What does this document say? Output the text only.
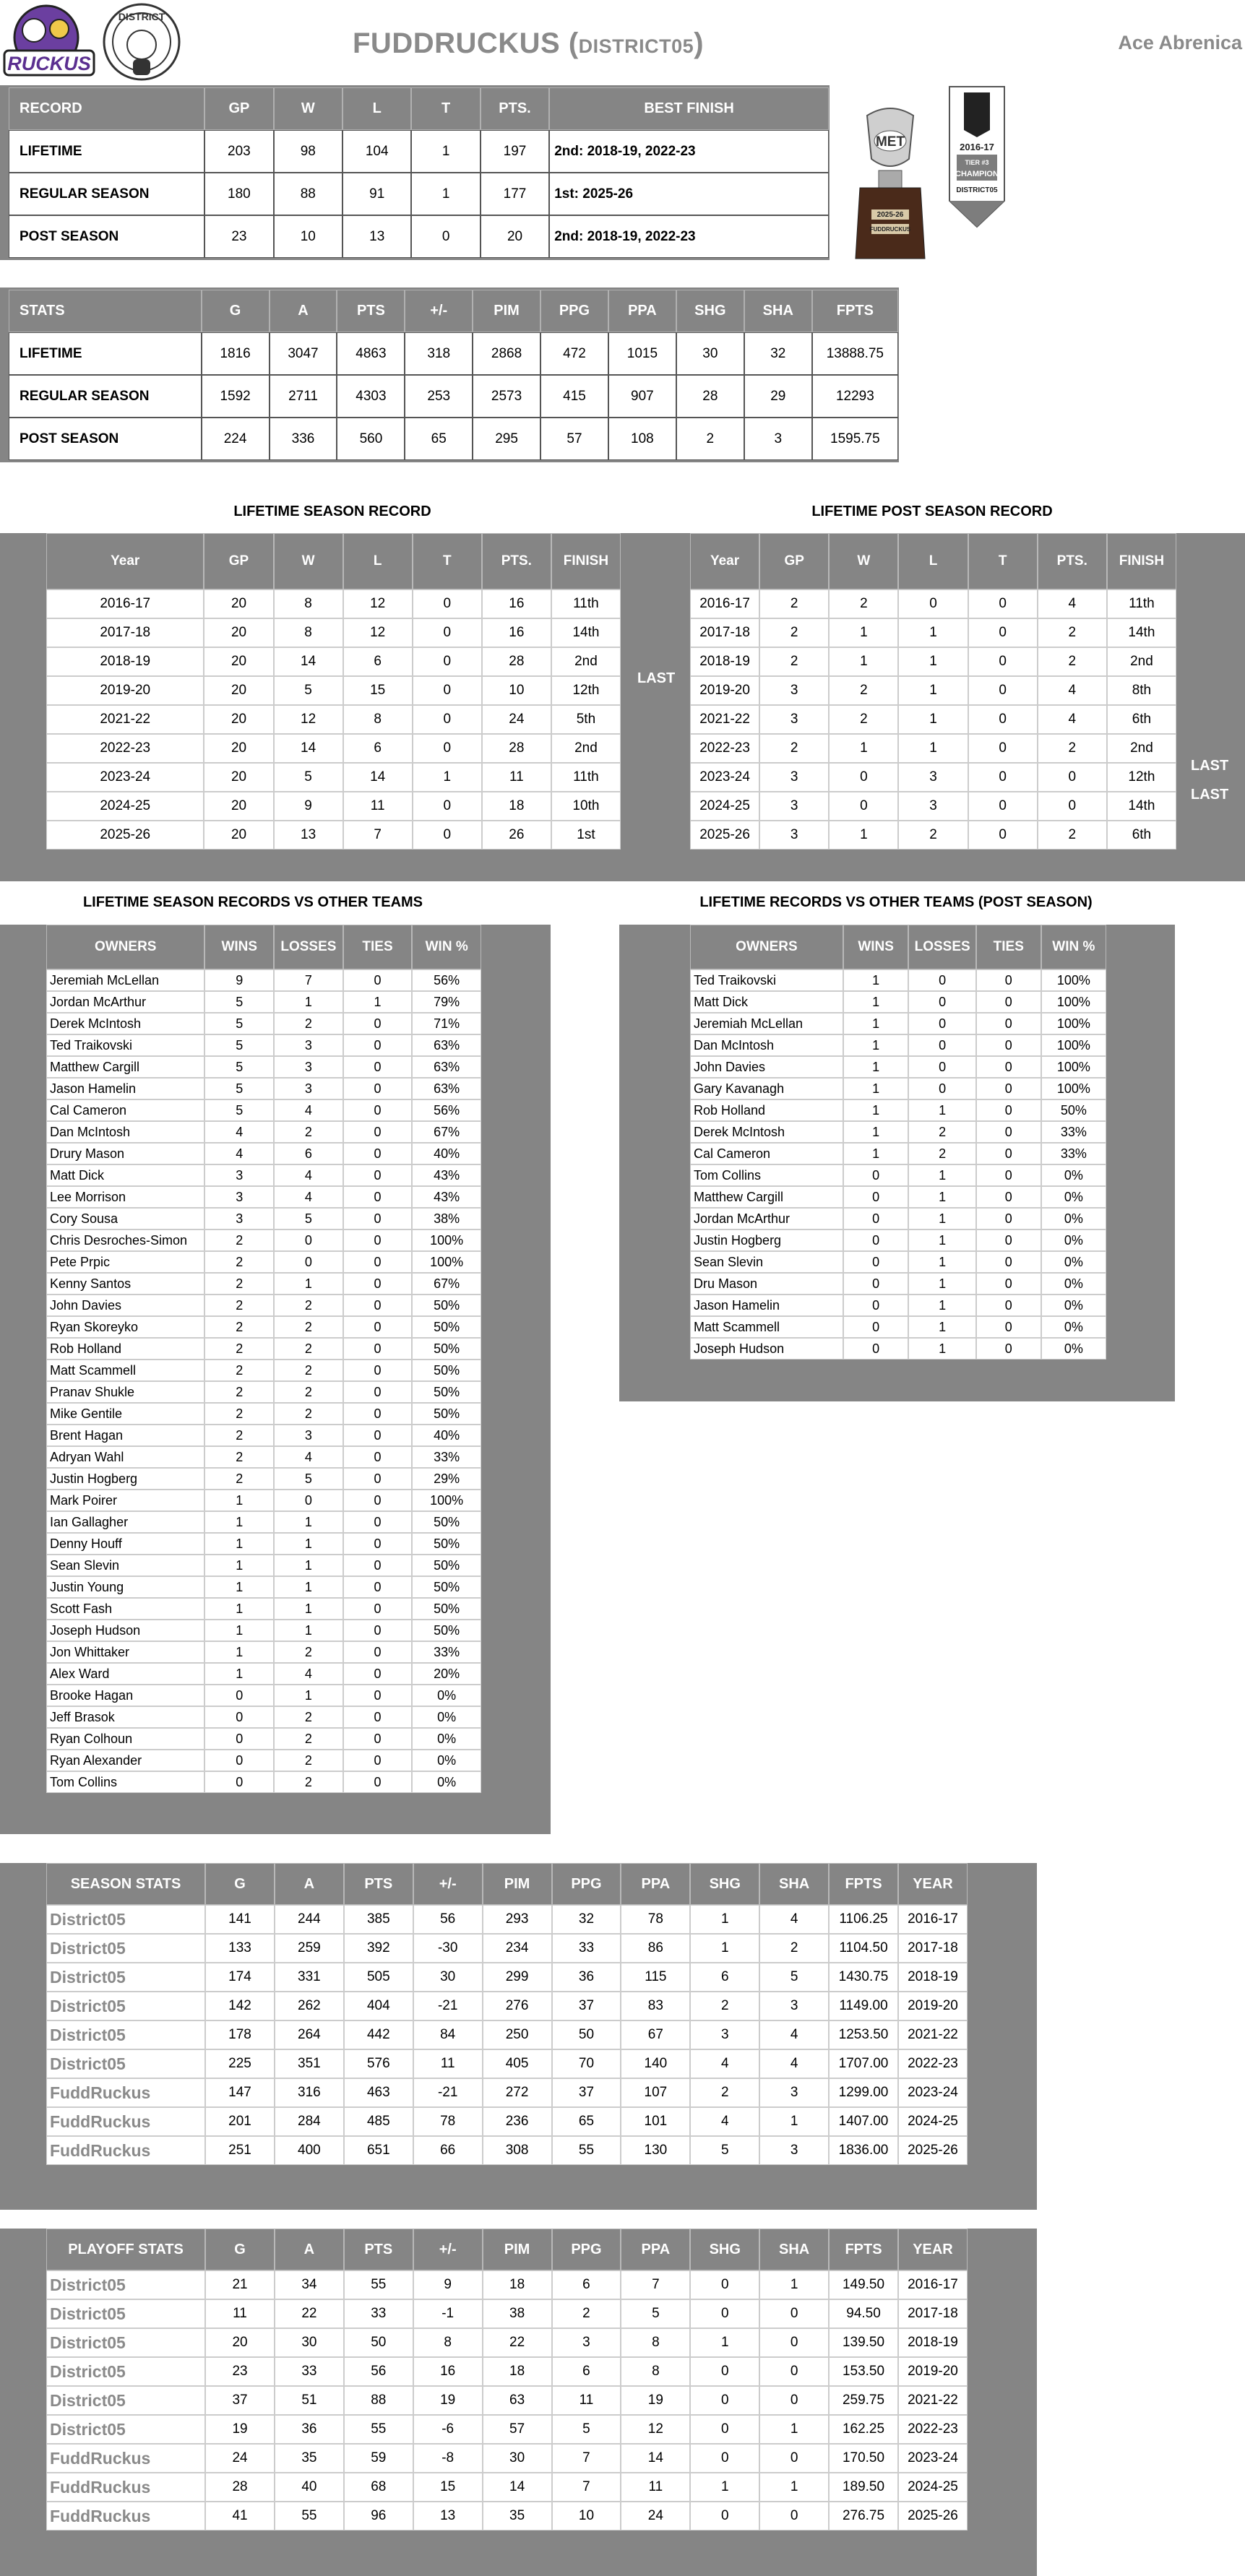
RUCKUS
DISTRICT
FUDDRUCKUS (DISTRICT05)	Ace Abrenica
RECORD	GP	W	L	T	PTS.	BEST FINISH
LIFETIME	203	98	104	1	197	2nd: 2018-19, 2022-23
REGULAR SEASON	180	88	91	1	177	1st: 2025-26
POST SEASON	23	10	13	0	20	2nd: 2018-19, 2022-23
MET
2025-26
FUDDRUCKUS
2016-17
TIER #3
CHAMPION
DISTRICT05
STATS	G	A	PTS	+/-	PIM	PPG	PPA	SHG	SHA	FPTS
LIFETIME	1816	3047	4863	318	2868	472	1015	30	32	13888.75
REGULAR SEASON	1592	2711	4303	253	2573	415	907	28	29	12293
POST SEASON	224	336	560	65	295	57	108	2	3	1595.75
LIFETIME SEASON RECORD	LIFETIME POST SEASON RECORD
Year	GP	W	L	T	PTS.	FINISH
2016-17	20	8	12	0	16	11th
2017-18	20	8	12	0	16	14th
2018-19	20	14	6	0	28	2nd
2019-20	20	5	15	0	10	12th
2021-22	20	12	8	0	24	5th
2022-23	20	14	6	0	28	2nd
2023-24	20	5	14	1	11	11th
2024-25	20	9	11	0	18	10th
2025-26	20	13	7	0	26	1st
LAST
Year	GP	W	L	T	PTS.	FINISH
2016-17	2	2	0	0	4	11th
2017-18	2	1	1	0	2	14th
2018-19	2	1	1	0	2	2nd
2019-20	3	2	1	0	4	8th
2021-22	3	2	1	0	4	6th
2022-23	2	1	1	0	2	2nd
2023-24	3	0	3	0	0	12th
2024-25	3	0	3	0	0	14th
2025-26	3	1	2	0	2	6th
LAST
LAST
LIFETIME SEASON RECORDS VS OTHER TEAMS	LIFETIME RECORDS VS OTHER TEAMS (POST SEASON)
OWNERS	WINS	LOSSES	TIES	WIN %
Jeremiah McLellan	9	7	0	56%
Jordan McArthur	5	1	1	79%
Derek McIntosh	5	2	0	71%
Ted Traikovski	5	3	0	63%
Matthew Cargill	5	3	0	63%
Jason Hamelin	5	3	0	63%
Cal Cameron	5	4	0	56%
Dan McIntosh	4	2	0	67%
Drury Mason	4	6	0	40%
Matt Dick	3	4	0	43%
Lee Morrison	3	4	0	43%
Cory Sousa	3	5	0	38%
Chris Desroches-Simon	2	0	0	100%
Pete Prpic	2	0	0	100%
Kenny Santos	2	1	0	67%
John Davies	2	2	0	50%
Ryan Skoreyko	2	2	0	50%
Rob Holland	2	2	0	50%
Matt Scammell	2	2	0	50%
Pranav Shukle	2	2	0	50%
Mike Gentile	2	2	0	50%
Brent Hagan	2	3	0	40%
Adryan Wahl	2	4	0	33%
Justin Hogberg	2	5	0	29%
Mark Poirer	1	0	0	100%
Ian Gallagher	1	1	0	50%
Denny Houff	1	1	0	50%
Sean Slevin	1	1	0	50%
Justin Young	1	1	0	50%
Scott Fash	1	1	0	50%
Joseph Hudson	1	1	0	50%
Jon Whittaker	1	2	0	33%
Alex Ward	1	4	0	20%
Brooke Hagan	0	1	0	0%
Jeff Brasok	0	2	0	0%
Ryan Colhoun	0	2	0	0%
Ryan Alexander	0	2	0	0%
Tom Collins	0	2	0	0%
OWNERS	WINS	LOSSES	TIES	WIN %
Ted Traikovski	1	0	0	100%
Matt Dick	1	0	0	100%
Jeremiah McLellan	1	0	0	100%
Dan McIntosh	1	0	0	100%
John Davies	1	0	0	100%
Gary Kavanagh	1	0	0	100%
Rob Holland	1	1	0	50%
Derek McIntosh	1	2	0	33%
Cal Cameron	1	2	0	33%
Tom Collins	0	1	0	0%
Matthew Cargill	0	1	0	0%
Jordan McArthur	0	1	0	0%
Justin Hogberg	0	1	0	0%
Sean Slevin	0	1	0	0%
Dru Mason	0	1	0	0%
Jason Hamelin	0	1	0	0%
Matt Scammell	0	1	0	0%
Joseph Hudson	0	1	0	0%
SEASON STATS	G	A	PTS	+/-	PIM	PPG	PPA	SHG	SHA	FPTS	YEAR
District05	141	244	385	56	293	32	78	1	4	1106.25	2016-17
District05	133	259	392	-30	234	33	86	1	2	1104.50	2017-18
District05	174	331	505	30	299	36	115	6	5	1430.75	2018-19
District05	142	262	404	-21	276	37	83	2	3	1149.00	2019-20
District05	178	264	442	84	250	50	67	3	4	1253.50	2021-22
District05	225	351	576	11	405	70	140	4	4	1707.00	2022-23
FuddRuckus	147	316	463	-21	272	37	107	2	3	1299.00	2023-24
FuddRuckus	201	284	485	78	236	65	101	4	1	1407.00	2024-25
FuddRuckus	251	400	651	66	308	55	130	5	3	1836.00	2025-26
PLAYOFF STATS	G	A	PTS	+/-	PIM	PPG	PPA	SHG	SHA	FPTS	YEAR
District05	21	34	55	9	18	6	7	0	1	149.50	2016-17
District05	11	22	33	-1	38	2	5	0	0	94.50	2017-18
District05	20	30	50	8	22	3	8	1	0	139.50	2018-19
District05	23	33	56	16	18	6	8	0	0	153.50	2019-20
District05	37	51	88	19	63	11	19	0	0	259.75	2021-22
District05	19	36	55	-6	57	5	12	0	1	162.25	2022-23
FuddRuckus	24	35	59	-8	30	7	14	0	0	170.50	2023-24
FuddRuckus	28	40	68	15	14	7	11	1	1	189.50	2024-25
FuddRuckus	41	55	96	13	35	10	24	0	0	276.75	2025-26
